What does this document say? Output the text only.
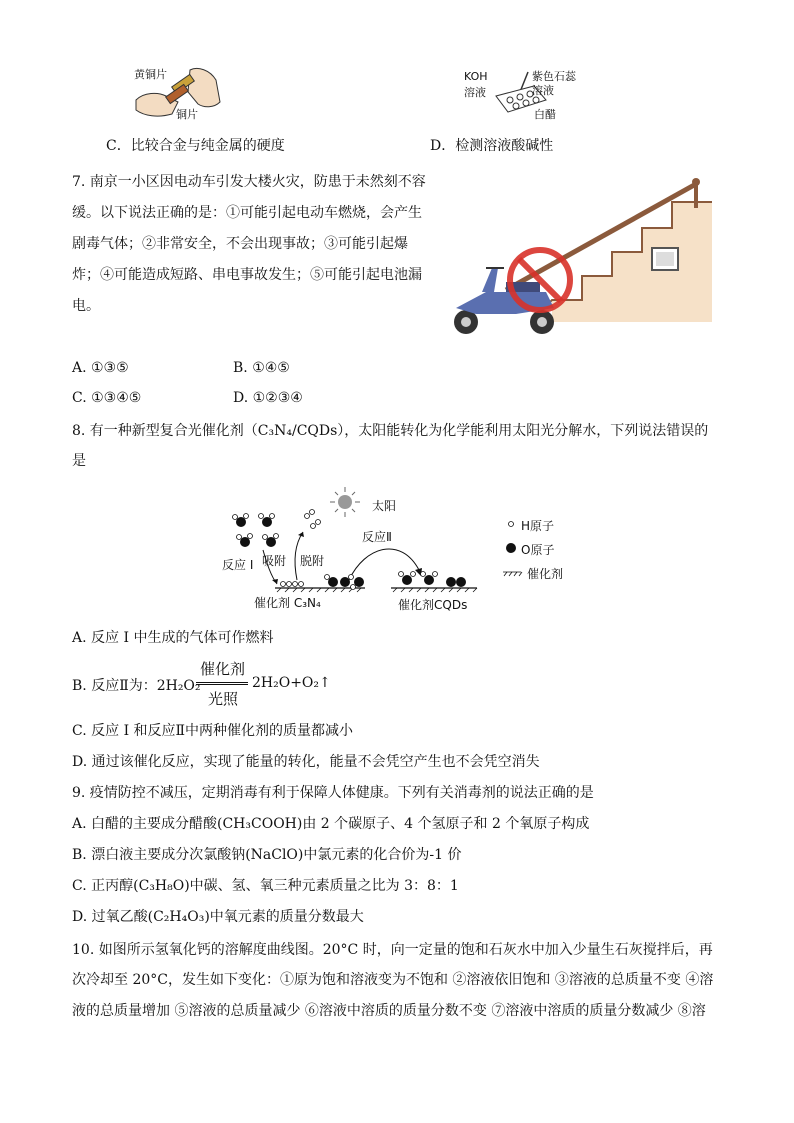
黄铜片
铜片
KOH
溶液
紫色石蕊
溶液
白醋
C．比较合金与纯金属的硬度	D．检测溶液酸碱性
7. 南京一小区因电动车引发大楼火灾，防患于未然刻不容
缓。以下说法正确的是：①可能引起电动车燃烧，会产生
剧毒气体；②非常安全，不会出现事故；③可能引起爆
炸；④可能造成短路、串电事故发生；⑤可能引起电池漏
电。
A. ①③⑤	B. ①④⑤
C. ①③④⑤	D. ①②③④
8. 有一种新型复合光催化剂（C₃N₄/CQDs），太阳能转化为化学能利用太阳光分解水，下列说法错误的
是
太阳
反应 I 吸附 脱附
反应Ⅱ
催化剂 C₃N₄	催化剂CQDs
H原子
O原子
催化剂
A. 反应 I 中生成的气体可作燃料
B. 反应Ⅱ为：2H₂O₂
催化剂
光照
2H₂O+O₂↑
C. 反应 I 和反应Ⅱ中两种催化剂的质量都减小
D. 通过该催化反应，实现了能量的转化，能量不会凭空产生也不会凭空消失
9. 疫情防控不减压，定期消毒有利于保障人体健康。下列有关消毒剂的说法正确的是
A. 白醋的主要成分醋酸(CH₃COOH)由 2 个碳原子、4 个氢原子和 2 个氧原子构成
B. 漂白液主要成分次氯酸钠(NaClO)中氯元素的化合价为-1 价
C. 正丙醇(C₃H₈O)中碳、氢、氧三种元素质量之比为 3：8：1
D. 过氧乙酸(C₂H₄O₃)中氧元素的质量分数最大
10. 如图所示氢氧化钙的溶解度曲线图。20°C 时，向一定量的饱和石灰水中加入少量生石灰搅拌后，再
次冷却至 20°C，发生如下变化：①原为饱和溶液变为不饱和 ②溶液依旧饱和 ③溶液的总质量不变 ④溶
液的总质量增加 ⑤溶液的总质量减少 ⑥溶液中溶质的质量分数不变 ⑦溶液中溶质的质量分数减少 ⑧溶
